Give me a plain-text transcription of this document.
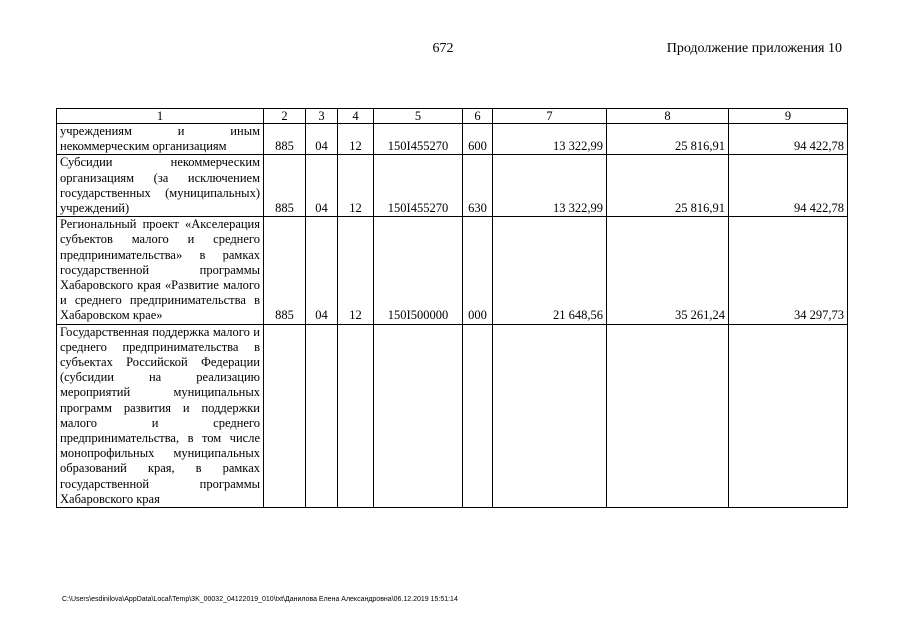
672	Продолжение приложения 10
1	2	3	4	5	6	7	8	9

учреждениям и иным некоммерческим организациям	885	04	12	150I455270	600	13 322,99	25 816,91	94 422,78

Субсидии некоммерческим организациям (за исключением государственных (муниципальных) учреждений)	885	04	12	150I455270	630	13 322,99	25 816,91	94 422,78

Региональный проект «Акселерация субъектов малого и среднего предпринимательства» в рамках государственной программы Хабаровского края «Развитие малого и среднего предпринимательства в Хабаровском крае»	885	04	12	150I500000	000	21 648,56	35 261,24	34 297,73

Государственная поддержка малого и среднего предпринимательства в субъектах Российской Федерации (субсидии на реализацию мероприятий муниципальных программ развития и поддержки малого и среднего предпринимательства, в том числе монопрофильных муниципальных образований края, в рамках государственной программы Хабаровского края								

C:\Users\esdinilova\AppData\Local\Temp\3K_00032_04122019_010\txt\Данилова Елена Александровна\06.12.2019 15:51:14
